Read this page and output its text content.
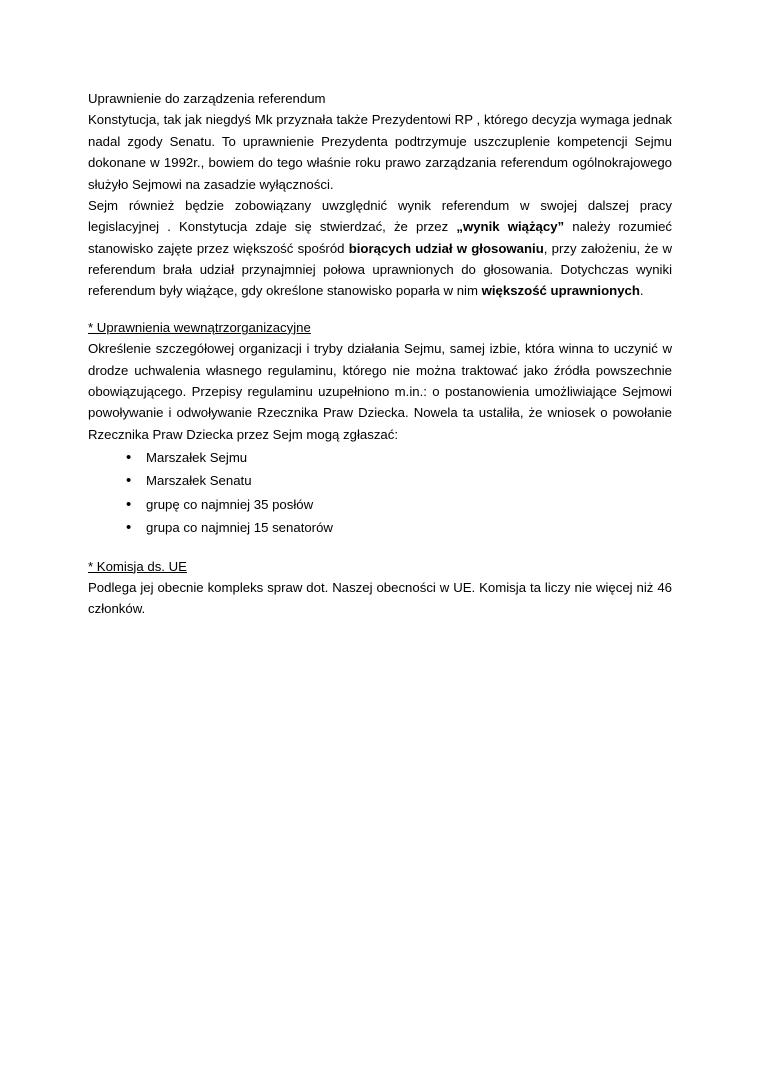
Uprawnienie do zarządzenia referendum

Konstytucja, tak jak niegdyś Mk przyznała także Prezydentowi RP , którego decyzja wymaga jednak nadal zgody Senatu. To uprawnienie Prezydenta podtrzymuje uszczuplenie kompetencji Sejmu dokonane w 1992r., bowiem do tego właśnie roku prawo zarządzania referendum ogólnokrajowego służyło Sejmowi na zasadzie wyłączności.

Sejm również będzie zobowiązany uwzględnić wynik referendum w swojej dalszej pracy legislacyjnej . Konstytucja zdaje się stwierdzać, że przez „wynik wiążący” należy rozumieć stanowisko zajęte przez większość spośród biorących udział w głosowaniu, przy założeniu, że w referendum brała udział przynajmniej połowa uprawnionych do głosowania. Dotychczas wyniki referendum były wiążące, gdy określone stanowisko poparła w nim większość uprawnionych.

* Uprawnienia wewnątrzorganizacyjne

Określenie szczegółowej organizacji i tryby działania Sejmu, samej izbie, która winna to uczynić w drodze uchwalenia własnego regulaminu, którego nie można traktować jako źródła powszechnie obowiązującego. Przepisy regulaminu uzupełniono m.in.: o postanowienia umożliwiające Sejmowi powoływanie i odwoływanie Rzecznika Praw Dziecka. Nowela ta ustaliła, że wniosek o powołanie Rzecznika Praw Dziecka przez Sejm mogą zgłaszać:

• Marszałek Sejmu
• Marszałek Senatu
• grupę co najmniej 35 posłów
• grupa co najmniej 15 senatorów

* Komisja ds. UE

Podlega jej obecnie kompleks spraw dot. Naszej obecności w UE. Komisja ta liczy nie więcej niż 46 członków.
